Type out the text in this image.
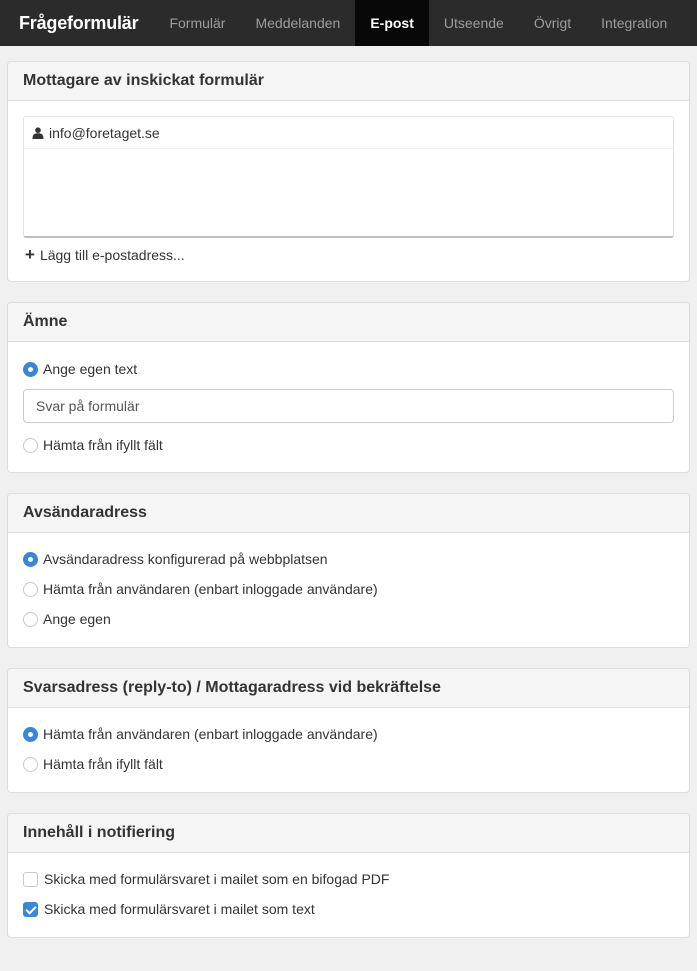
Frågeformulär	Formulär	Meddelanden	E-post	Utseende	Övrigt	Integration
Mottagare av inskickat formulär
info@foretaget.se
+ Lägg till e-postadress...
Ämne
Ange egen text
Svar på formulär
Hämta från ifyllt fält
Avsändaradress
Avsändaradress konfigurerad på webbplatsen
Hämta från användaren (enbart inloggade användare)
Ange egen
Svarsadress (reply-to) / Mottagaradress vid bekräftelse
Hämta från användaren (enbart inloggade användare)
Hämta från ifyllt fält
Innehåll i notifiering
Skicka med formulärsvaret i mailet som en bifogad PDF
Skicka med formulärsvaret i mailet som text
